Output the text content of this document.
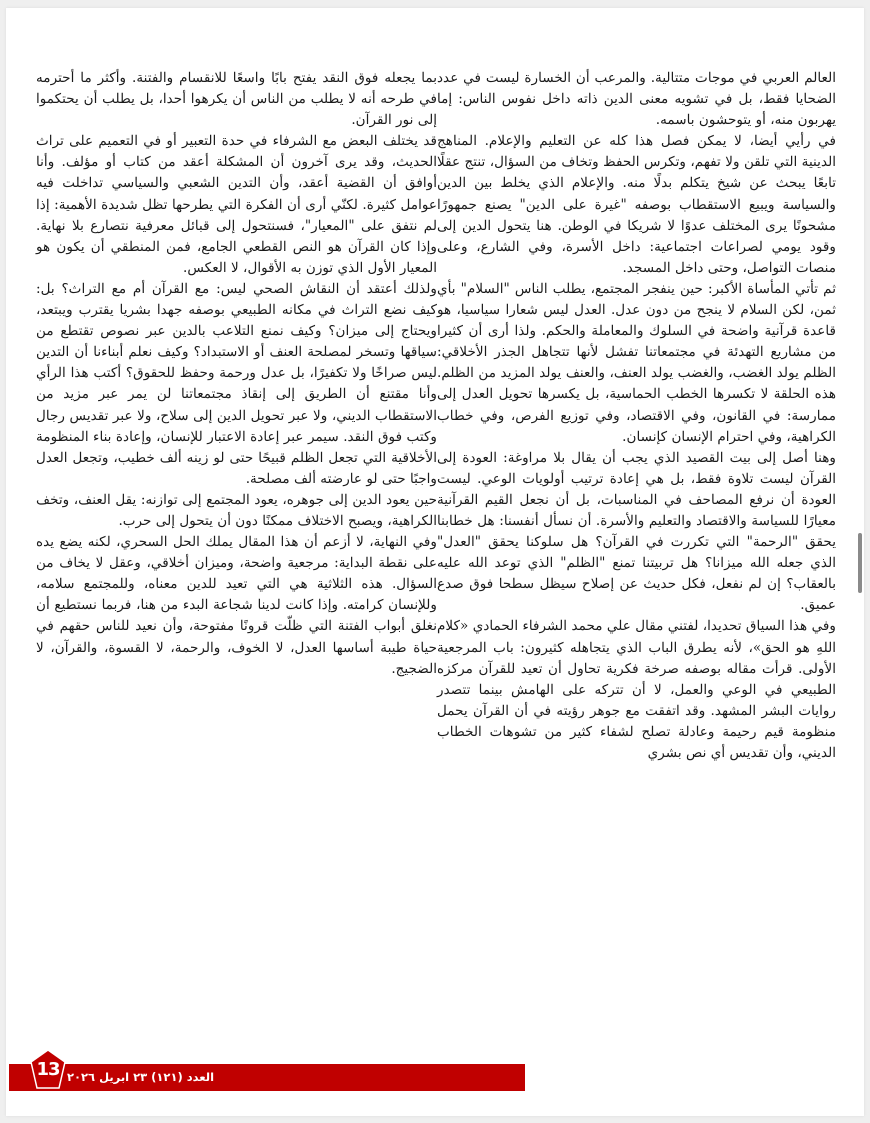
العالم العربي في موجات متتالية. والمرعب أن الخسارة ليست في عدد الضحايا فقط، بل في تشويه معنى الدين ذاته داخل نفوس الناس: إما يهربون منه، أو يتوحشون باسمه.

في رأيي أيضا، لا يمكن فصل هذا كله عن التعليم والإعلام. المناهج الدينية التي تلقن ولا تفهم، وتكرس الحفظ وتخاف من السؤال، تنتج عقلًا تابعًا يبحث عن شيخ يتكلم بدلًا منه. والإعلام الذي يخلط بين الدين والسياسة ويبيع الاستقطاب بوصفه "غيرة على الدين" يصنع جمهورًا مشحونًا يرى المختلف عدوًا لا شريكا في الوطن. هنا يتحول الدين إلى وقود يومي لصراعات اجتماعية: داخل الأسرة، وفي الشارع، وعلى منصات التواصل، وحتى داخل المسجد.

ثم تأتي المأساة الأكبر: حين ينفجر المجتمع، يطلب الناس "السلام" بأي ثمن، لكن السلام لا ينجح من دون عدل. العدل ليس شعارا سياسيا، هو قاعدة قرآنية واضحة في السلوك والمعاملة والحكم. ولذا أرى أن كثيرا من مشاريع التهدئة في مجتمعاتنا تفشل لأنها تتجاهل الجذر الأخلاقي: الظلم يولد الغضب، والغضب يولد العنف، والعنف يولد المزيد من الظلم. هذه الحلقة لا تكسرها الخطب الحماسية، بل يكسرها تحويل العدل إلى ممارسة: في القانون، وفي الاقتصاد، وفي توزيع الفرص، وفي خطاب الكراهية، وفي احترام الإنسان كإنسان.

وهنا أصل إلى بيت القصيد الذي يجب أن يقال بلا مراوغة: العودة إلى القرآن ليست تلاوة فقط، بل هي إعادة ترتيب أولويات الوعي. ليست العودة أن نرفع المصاحف في المناسبات، بل أن نجعل القيم القرآنية معيارًا للسياسة والاقتصاد والتعليم والأسرة. أن نسأل أنفسنا: هل خطابنا يحقق "الرحمة" التي تكررت في القرآن؟ هل سلوكنا يحقق "العدل" الذي جعله الله ميزانا؟ هل تربيتنا تمنع "الظلم" الذي توعد الله عليه بالعقاب؟ إن لم نفعل، فكل حديث عن إصلاح سيظل سطحا فوق صدع عميق.

وفي هذا السياق تحديدا، لفتني مقال علي محمد الشرفاء الحمادي «كلام اللهِ هو الحق»، لأنه يطرق الباب الذي يتجاهله كثيرون: باب المرجعية الأولى. قرأت مقاله بوصفه صرخة فكرية تحاول أن تعيد للقرآن مركزه الطبيعي في الوعي والعمل، لا أن تتركه على الهامش بينما تتصدر روايات البشر المشهد. وقد اتفقت مع جوهر رؤيته في أن القرآن يحمل منظومة قيم رحيمة وعادلة تصلح لشفاء كثير من تشوهات الخطاب الديني، وأن تقديس أي نص بشري

بما يجعله فوق النقد يفتح بابًا واسعًا للانقسام والفتنة. وأكثر ما أحترمه في طرحه أنه لا يطلب من الناس أن يكرهوا أحدا، بل يطلب أن يحتكموا إلى نور القرآن.

قد يختلف البعض مع الشرفاء في حدة التعبير أو في التعميم على تراث الحديث، وقد يرى آخرون أن المشكلة أعقد من كتاب أو مؤلف. وأنا أوافق أن القضية أعقد، وأن التدين الشعبي والسياسي تداخلت فيه عوامل كثيرة. لكنّي أرى أن الفكرة التي يطرحها تظل شديدة الأهمية: إذا لم نتفق على "المعيار"، فسنتحول إلى قبائل معرفية نتصارع بلا نهاية. وإذا كان القرآن هو النص القطعي الجامع، فمن المنطقي أن يكون هو المعيار الأول الذي توزن به الأقوال، لا العكس.

ولذلك أعتقد أن النقاش الصحي ليس: مع القرآن أم مع التراث؟ بل: كيف نضع التراث في مكانه الطبيعي بوصفه جهدا بشريا يقترب ويبتعد، ويحتاج إلى ميزان؟ وكيف نمنع التلاعب بالدين عبر نصوص تقتطع من سياقها وتسخر لمصلحة العنف أو الاستبداد؟ وكيف نعلم أبناءنا أن التدين ليس صراخًا ولا تكفيرًا، بل عدل ورحمة وحفظ للحقوق؟ أكتب هذا الرأي وأنا مقتنع أن الطريق إلى إنقاذ مجتمعاتنا لن يمر عبر مزيد من الاستقطاب الديني، ولا عبر تحويل الدين إلى سلاح، ولا عبر تقديس رجال وكتب فوق النقد. سيمر عبر إعادة الاعتبار للإنسان، وإعادة بناء المنظومة الأخلاقية التي تجعل الظلم قبيحًا حتى لو زينه ألف خطيب، وتجعل العدل واجبًا حتى لو عارضته ألف مصلحة.

حين يعود الدين إلى جوهره، يعود المجتمع إلى توازنه: يقل العنف، وتخف الكراهية، ويصبح الاختلاف ممكنًا دون أن يتحول إلى حرب.

وفي النهاية، لا أزعم أن هذا المقال يملك الحل السحري، لكنه يضع يده على نقطة البداية: مرجعية واضحة، وميزان أخلاقي، وعقل لا يخاف من السؤال. هذه الثلاثية هي التي تعيد للدين معناه، وللمجتمع سلامه، وللإنسان كرامته. وإذا كانت لدينا شجاعة البدء من هنا، فربما نستطيع أن نغلق أبواب الفتنة التي ظلّت قرونًا مفتوحة، وأن نعيد للناس حقهم في حياة طيبة أساسها العدل، لا الخوف، والرحمة، لا القسوة، والقرآن، لا الضجيج.

العدد (١٢١) ٢٣ ابريل ٢٠٢٦
13
